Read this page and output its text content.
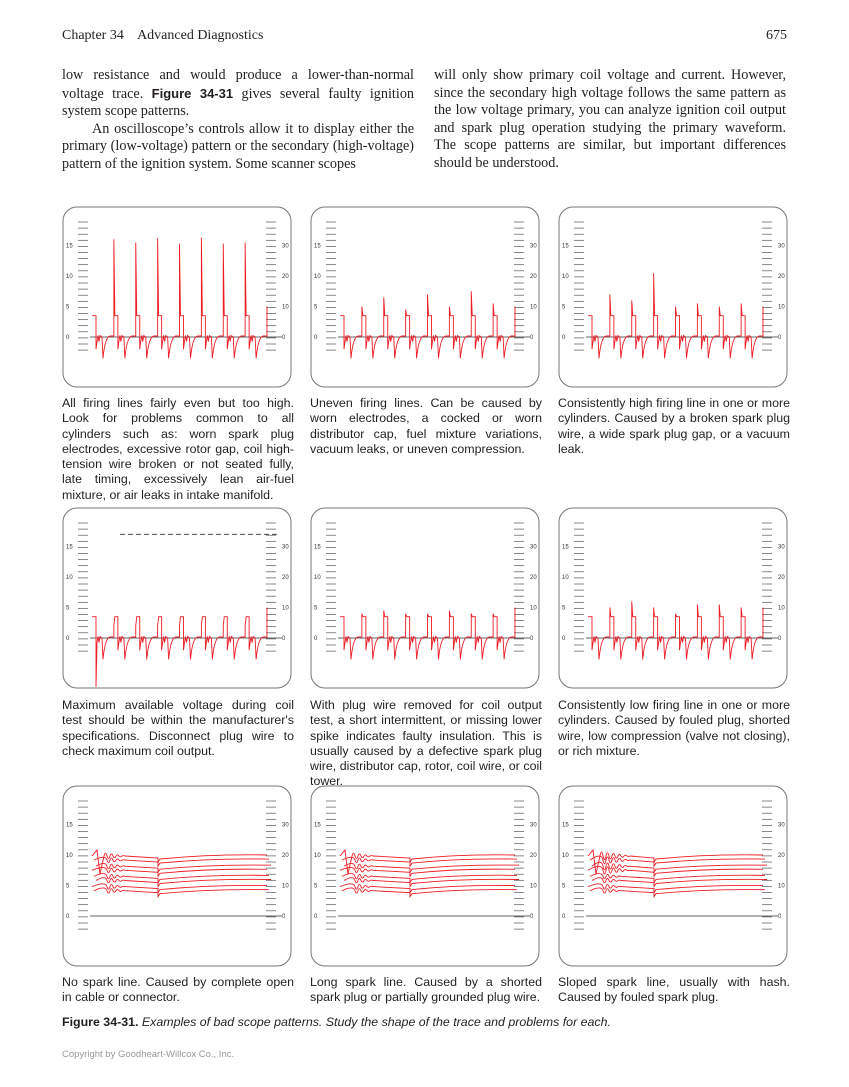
Chapter 34 Advanced Diagnostics	675

low resistance and would produce a lower-than-normal voltage trace. Figure 34-31 gives several faulty ignition system scope patterns.

An oscilloscope’s controls allow it to display either the primary (low-voltage) pattern or the secondary (high-voltage) pattern of the ignition system. Some scanner scopes

will only show primary coil voltage and current. However, since the secondary high voltage follows the same pattern as the low voltage primary, you can analyze ignition coil output and spark plug operation studying the primary waveform. The scope patterns are similar, but important differences should be understood.

15	30
10	20
5	10
0	0
All firing lines fairly even but too high. Look for problems common to all cylinders such as: worn spark plug electrodes, excessive rotor gap, coil high-tension wire broken or not seated fully, late timing, excessively lean air-fuel mixture, or air leaks in intake manifold.
15	30
10	20
5	10
0	0
Uneven firing lines. Can be caused by worn electrodes, a cocked or worn distributor cap, fuel mixture variations, vacuum leaks, or uneven compression.
15	30
10	20
5	10
0	0
Consistently high firing line in one or more cylinders. Caused by a broken spark plug wire, a wide spark plug gap, or a vacuum leak.
15	30
10	20
5	10
0	0
Maximum available voltage during coil test should be within the manufacturer's specifications. Disconnect plug wire to check maximum coil output.
15	30
10	20
5	10
0	0
With plug wire removed for coil output test, a short intermittent, or missing lower spike indicates faulty insulation. This is usually caused by a defective spark plug wire, distributor cap, rotor, coil wire, or coil tower.
15	30
10	20
5	10
0	0
Consistently low firing line in one or more cylinders. Caused by fouled plug, shorted wire, low compression (valve not closing), or rich mixture.
15	30
10	20
5	10
0	0
No spark line. Caused by complete open in cable or connector.
15	30
10	20
5	10
0	0
Long spark line. Caused by a shorted spark plug or partially grounded plug wire.
15	30
10	20
5	10
0	0
Sloped spark line, usually with hash. Caused by fouled spark plug.
Figure 34-31. Examples of bad scope patterns. Study the shape of the trace and problems for each.
Copyright by Goodheart-Willcox Co., Inc.
